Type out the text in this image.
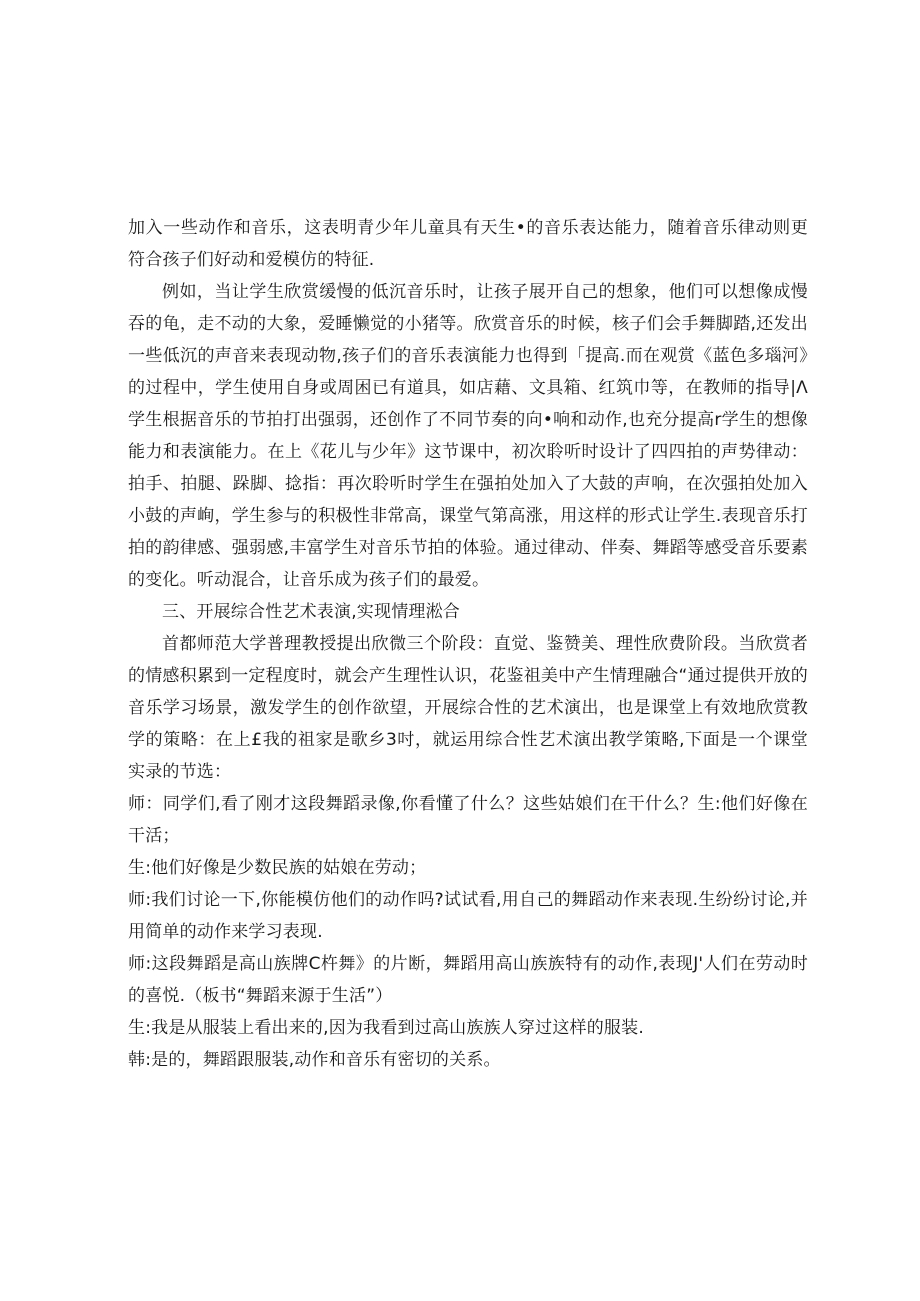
加入一些动作和音乐，这表明青少年儿童具有天生•的音乐表达能力，随着音乐律动则更符合孩子们好动和爱模仿的特征.

例如，当让学生欣赏缓慢的低沉音乐时，让孩子展开自己的想象，他们可以想像成慢吞的龟，走不动的大象，爱睡懒觉的小猪等。欣赏音乐的时候，核子们会手舞脚踏,还发出一些低沉的声音来表现动物,孩子们的音乐表演能力也得到「提高.而在观赏《蓝色多瑙河》的过程中，学生使用自身或周困已有道具，如店藉、文具箱、红筑巾等，在教师的指导|Λ学生根据音乐的节拍打出强弱，还创作了不同节奏的向•响和动作,也充分提高r学生的想像能力和表演能力。在上《花儿与少年》这节课中，初次聆听时设计了四四拍的声势律动：拍手、拍腿、跺脚、捻指：再次聆听时学生在强拍处加入了大鼓的声响，在次强拍处加入小鼓的声峋，学生参与的积极性非常高，课堂气第高涨，用这样的形式让学生.表现音乐打拍的韵律感、强弱感,丰富学生对音乐节拍的体验。通过律动、伴奏、舞蹈等感受音乐要素的变化。听动混合，让音乐成为孩子们的最爱。

三、开展综合性艺术表演,实现情理淞合

首都师范大学普理教授提出欣微三个阶段：直觉、鉴赞美、理性欣费阶段。当欣赏者的情感积累到一定程度时，就会产生理性认识，花鉴祖美中产生情理融合“通过提供开放的音乐学习场景，激发学生的创作欲望，开展综合性的艺术演出，也是课堂上有效地欣赏教学的策略：在上£我的祖家是歌乡3吋，就运用综合性艺术演出教学策略,下面是一个课堂实录的节选：

师：同学们,看了刚才这段舞蹈录像,你看懂了什么？这些姑娘们在干什么？生:他们好像在干活；

生:他们好像是少数民族的姑娘在劳动；

师:我们讨论一下,你能模仿他们的动作吗?试试看,用自己的舞蹈动作来表现.生纷纷讨论,并用简单的动作来学习表现.

师:这段舞蹈是高山族牌C杵舞》的片断，舞蹈用高山族族特有的动作,表现J'人们在劳动时的喜悦.（板书“舞蹈来源于生活”）

生:我是从服装上看出来的,因为我看到过高山族族人穿过这样的服装.

韩:是的，舞蹈跟服装,动作和音乐有密切的关系。
